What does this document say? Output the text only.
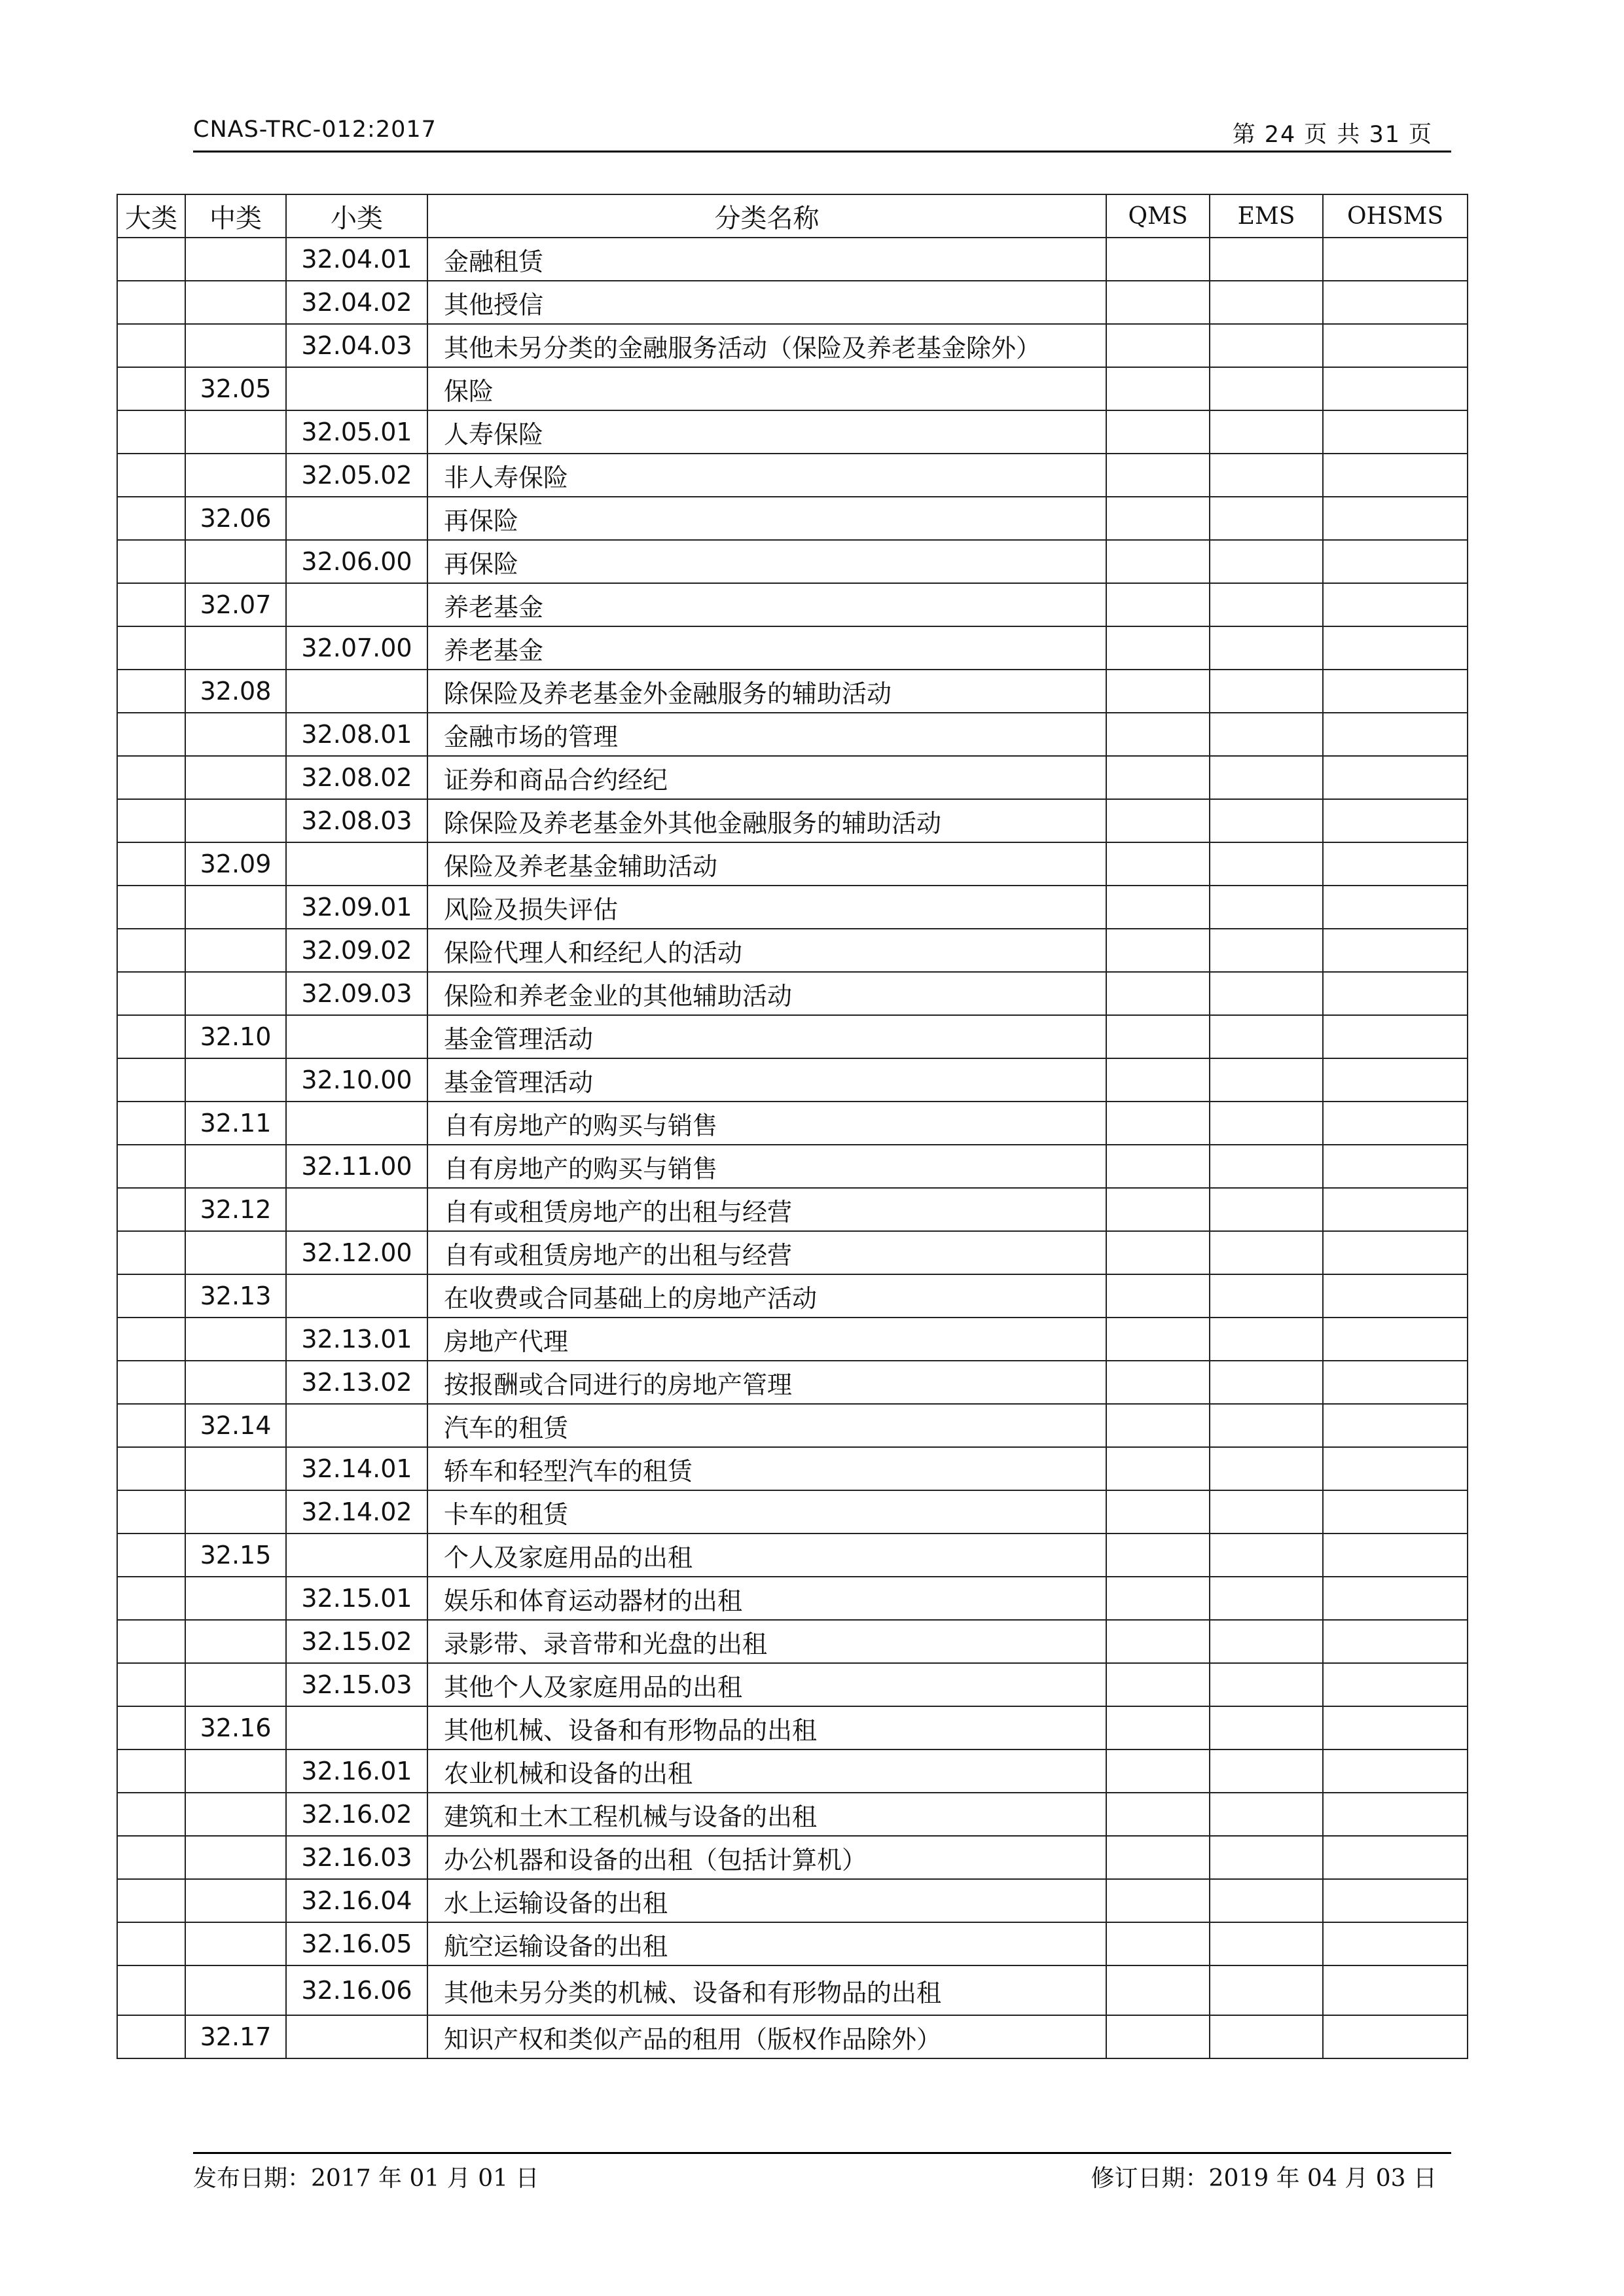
CNAS-TRC-012:2017	第 24 页 共 31 页
大类	中类	小类	分类名称	QMS	EMS	OHSMS
		32.04.01	金融租赁			
		32.04.02	其他授信			
		32.04.03	其他未另分类的金融服务活动（保险及养老基金除外）			
	32.05		保险			
		32.05.01	人寿保险			
		32.05.02	非人寿保险			
	32.06		再保险			
		32.06.00	再保险			
	32.07		养老基金			
		32.07.00	养老基金			
	32.08		除保险及养老基金外金融服务的辅助活动			
		32.08.01	金融市场的管理			
		32.08.02	证券和商品合约经纪			
		32.08.03	除保险及养老基金外其他金融服务的辅助活动			
	32.09		保险及养老基金辅助活动			
		32.09.01	风险及损失评估			
		32.09.02	保险代理人和经纪人的活动			
		32.09.03	保险和养老金业的其他辅助活动			
	32.10		基金管理活动			
		32.10.00	基金管理活动			
	32.11		自有房地产的购买与销售			
		32.11.00	自有房地产的购买与销售			
	32.12		自有或租赁房地产的出租与经营			
		32.12.00	自有或租赁房地产的出租与经营			
	32.13		在收费或合同基础上的房地产活动			
		32.13.01	房地产代理			
		32.13.02	按报酬或合同进行的房地产管理			
	32.14		汽车的租赁			
		32.14.01	轿车和轻型汽车的租赁			
		32.14.02	卡车的租赁			
	32.15		个人及家庭用品的出租			
		32.15.01	娱乐和体育运动器材的出租			
		32.15.02	录影带、录音带和光盘的出租			
		32.15.03	其他个人及家庭用品的出租			
	32.16		其他机械、设备和有形物品的出租			
		32.16.01	农业机械和设备的出租			
		32.16.02	建筑和土木工程机械与设备的出租			
		32.16.03	办公机器和设备的出租（包括计算机）			
		32.16.04	水上运输设备的出租			
		32.16.05	航空运输设备的出租			
		32.16.06	其他未另分类的机械、设备和有形物品的出租			
	32.17		知识产权和类似产品的租用（版权作品除外）			
发布日期：2017 年 01 月 01 日	修订日期：2019 年 04 月 03 日
